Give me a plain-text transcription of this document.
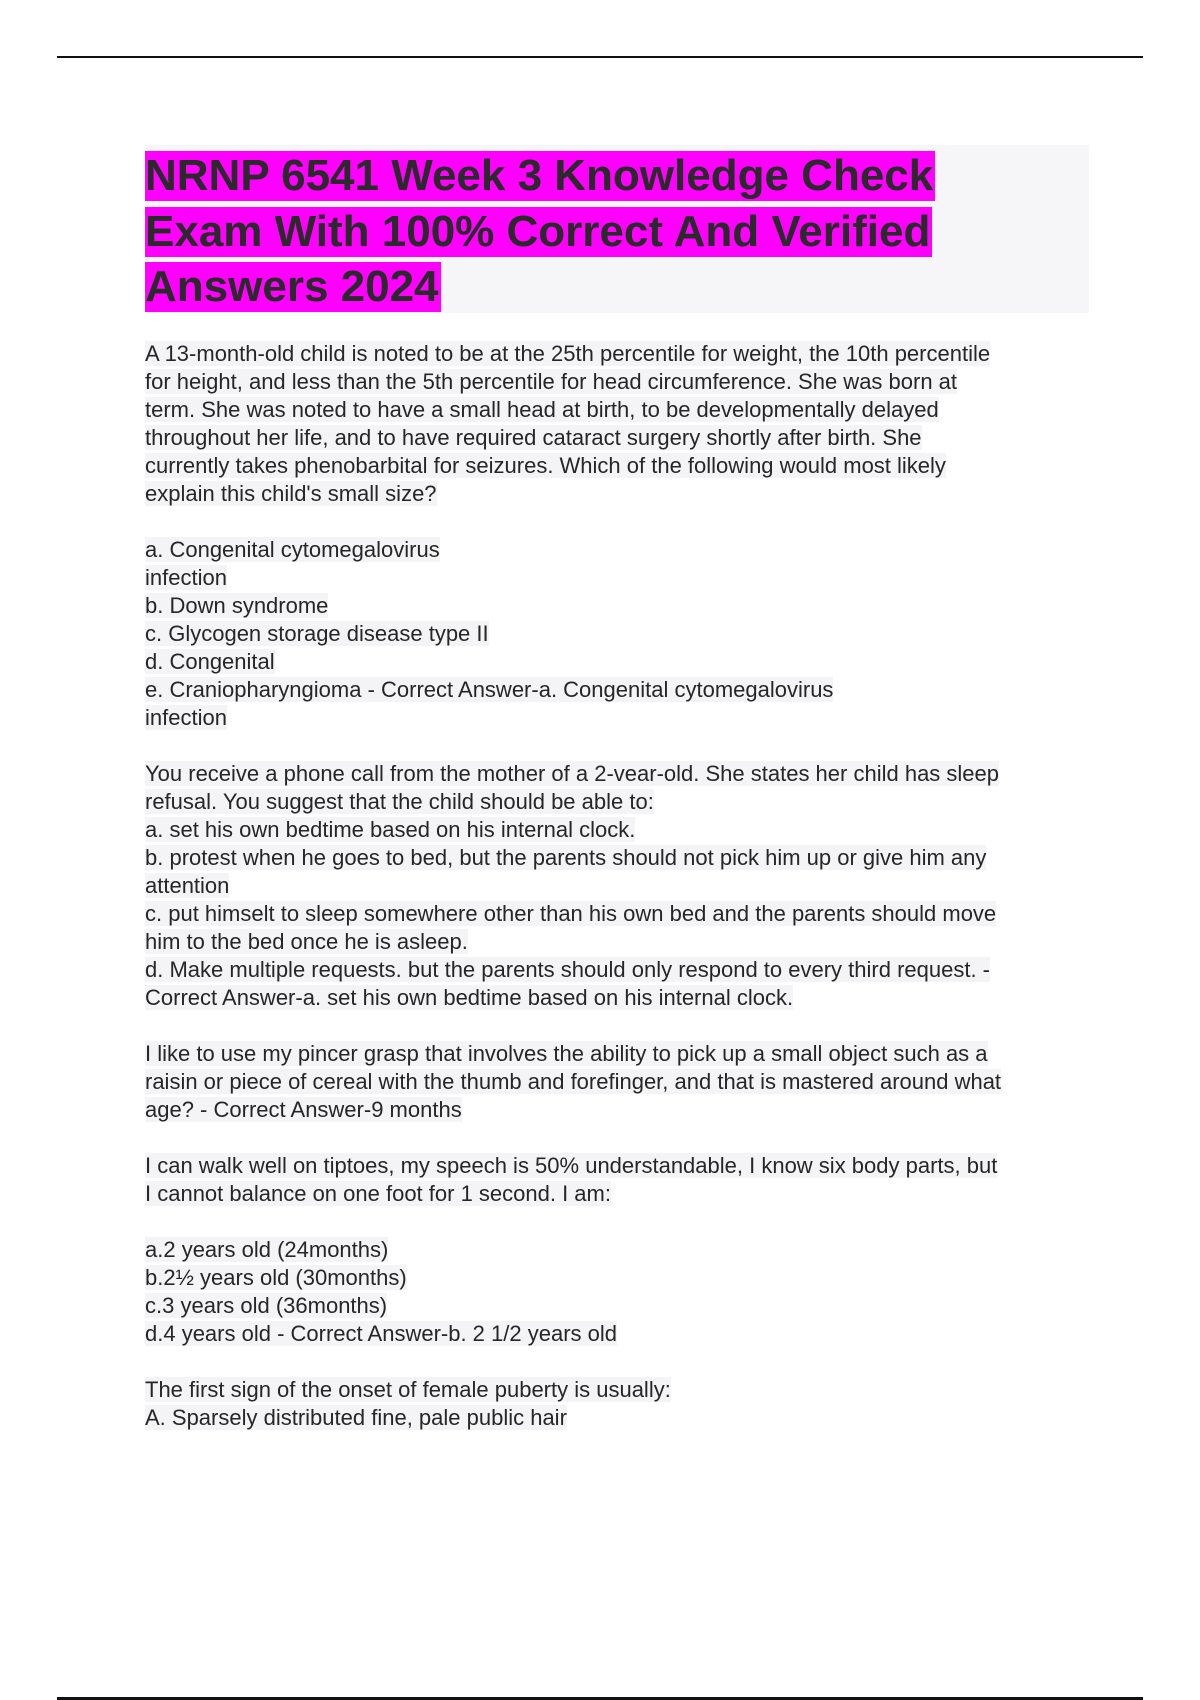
NRNP 6541 Week 3 Knowledge Check
Exam With 100% Correct And Verified
Answers 2024
A 13-month-old child is noted to be at the 25th percentile for weight, the 10th percentile
for height, and less than the 5th percentile for head circumference. She was born at
term. She was noted to have a small head at birth, to be developmentally delayed
throughout her life, and to have required cataract surgery shortly after birth. She
currently takes phenobarbital for seizures. Which of the following would most likely
explain this child's small size?
a. Congenital cytomegalovirus
infection
b. Down syndrome
c. Glycogen storage disease type II
d. Congenital
e. Craniopharyngioma - Correct Answer-a. Congenital cytomegalovirus
infection
You receive a phone call from the mother of a 2-vear-old. She states her child has sleep
refusal. You suggest that the child should be able to:
a. set his own bedtime based on his internal clock.
b. protest when he goes to bed, but the parents should not pick him up or give him any
attention
c. put himselt to sleep somewhere other than his own bed and the parents should move
him to the bed once he is asleep.
d. Make multiple requests. but the parents should only respond to every third request. -
Correct Answer-a. set his own bedtime based on his internal clock.
I like to use my pincer grasp that involves the ability to pick up a small object such as a
raisin or piece of cereal with the thumb and forefinger, and that is mastered around what
age? - Correct Answer-9 months
I can walk well on tiptoes, my speech is 50% understandable, I know six body parts, but
I cannot balance on one foot for 1 second. I am:
a.2 years old (24months)
b.2½ years old (30months)
c.3 years old (36months)
d.4 years old - Correct Answer-b. 2 1/2 years old
The first sign of the onset of female puberty is usually:
A. Sparsely distributed fine, pale public hair
